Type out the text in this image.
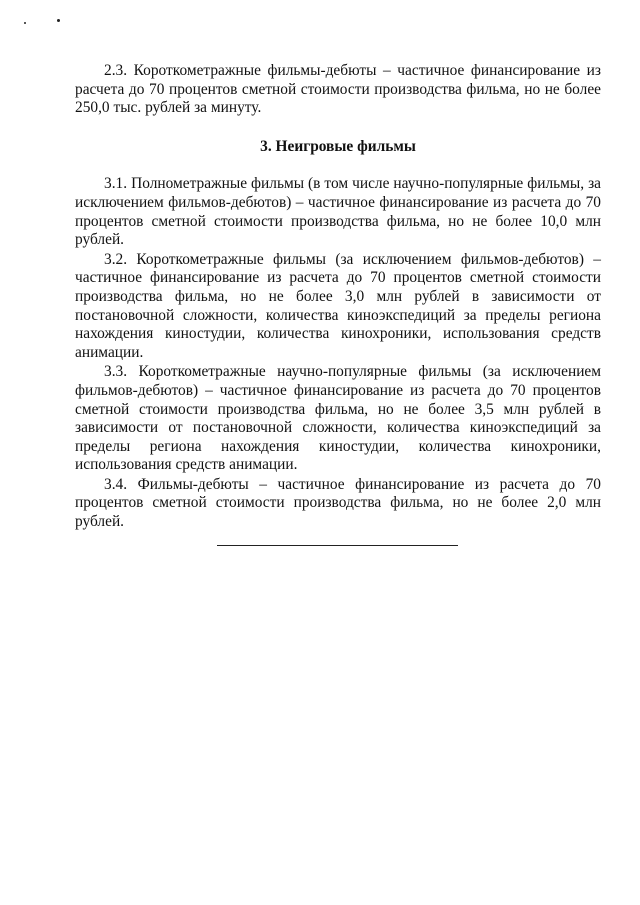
2.3. Короткометражные фильмы-дебюты – частичное финансирование из расчета до 70 процентов сметной стоимости производства фильма, но не более 250,0 тыс. рублей за минуту.

3. Неигровые фильмы

3.1. Полнометражные фильмы (в том числе научно-популярные фильмы, за исключением фильмов-дебютов) – частичное финансирование из расчета до 70 процентов сметной стоимости производства фильма, но не более 10,0 млн рублей.

3.2. Короткометражные фильмы (за исключением фильмов-дебютов) – частичное финансирование из расчета до 70 процентов сметной стоимости производства фильма, но не более 3,0 млн рублей в зависимости от постановочной сложности, количества киноэкспедиций за пределы региона нахождения киностудии, количества кинохроники, использования средств анимации.

3.3. Короткометражные научно-популярные фильмы (за исключением фильмов-дебютов) – частичное финансирование из расчета до 70 процентов сметной стоимости производства фильма, но не более 3,5 млн рублей в зависимости от постановочной сложности, количества киноэкспедиций за пределы региона нахождения киностудии, количества кинохроники, использования средств анимации.

3.4. Фильмы-дебюты – частичное финансирование из расчета до 70 процентов сметной стоимости производства фильма, но не более 2,0 млн рублей.
